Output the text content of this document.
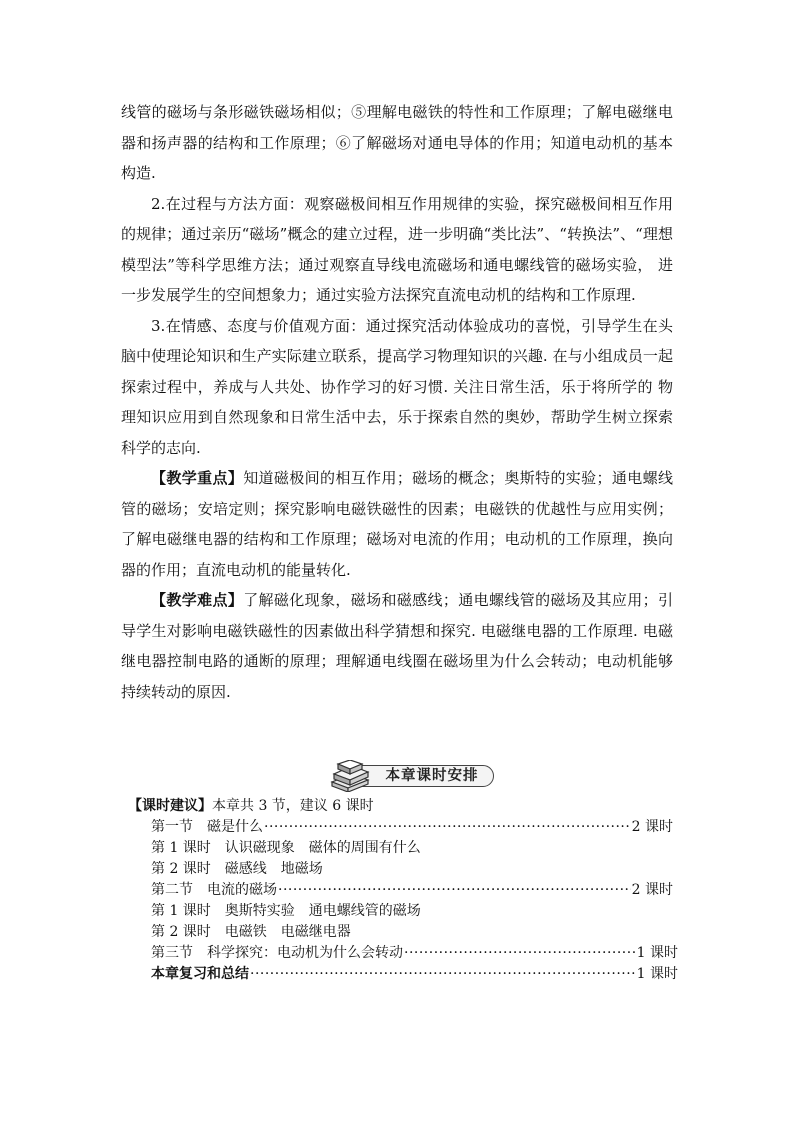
线管的磁场与条形磁铁磁场相似；⑤理解电磁铁的特性和工作原理；了解电磁继电器和扬声器的结构和工作原理；⑥了解磁场对通电导体的作用；知道电动机的基本构造.

2.在过程与方法方面：观察磁极间相互作用规律的实验，探究磁极间相互作用的规律；通过亲历“磁场”概念的建立过程，进一步明确“类比法”、“转换法”、“理想模型法”等科学思维方法；通过观察直导线电流磁场和通电螺线管的磁场实验， 进一步发展学生的空间想象力；通过实验方法探究直流电动机的结构和工作原理.

3.在情感、态度与价值观方面：通过探究活动体验成功的喜悦，引导学生在头脑中使理论知识和生产实际建立联系，提高学习物理知识的兴趣. 在与小组成员一起探索过程中，养成与人共处、协作学习的好习惯. 关注日常生活，乐于将所学的 物理知识应用到自然现象和日常生活中去，乐于探索自然的奥妙，帮助学生树立探索科学的志向.

【教学重点】知道磁极间的相互作用；磁场的概念；奥斯特的实验；通电螺线管的磁场；安培定则；探究影响电磁铁磁性的因素；电磁铁的优越性与应用实例；了解电磁继电器的结构和工作原理；磁场对电流的作用；电动机的工作原理，换向器的作用；直流电动机的能量转化.

【教学难点】了解磁化现象，磁场和磁感线；通电螺线管的磁场及其应用；引导学生对影响电磁铁磁性的因素做出科学猜想和探究. 电磁继电器的工作原理. 电磁继电器控制电路的通断的原理；理解通电线圈在磁场里为什么会转动；电动机能够持续转动的原因.

本章课时安排
【课时建议】本章共 3 节，建议 6 课时
第一节　磁是什么 ·····	2 课时
第 1 课时　认识磁现象　磁体的周围有什么
第 2 课时　磁感线　地磁场
第二节　电流的磁场 ·····	2 课时
第 1 课时　奥斯特实验　通电螺线管的磁场
第 2 课时　电磁铁　电磁继电器
第三节　科学探究：电动机为什么会转动 ·····	1 课时
本章复习和总结 ·····	1 课时
